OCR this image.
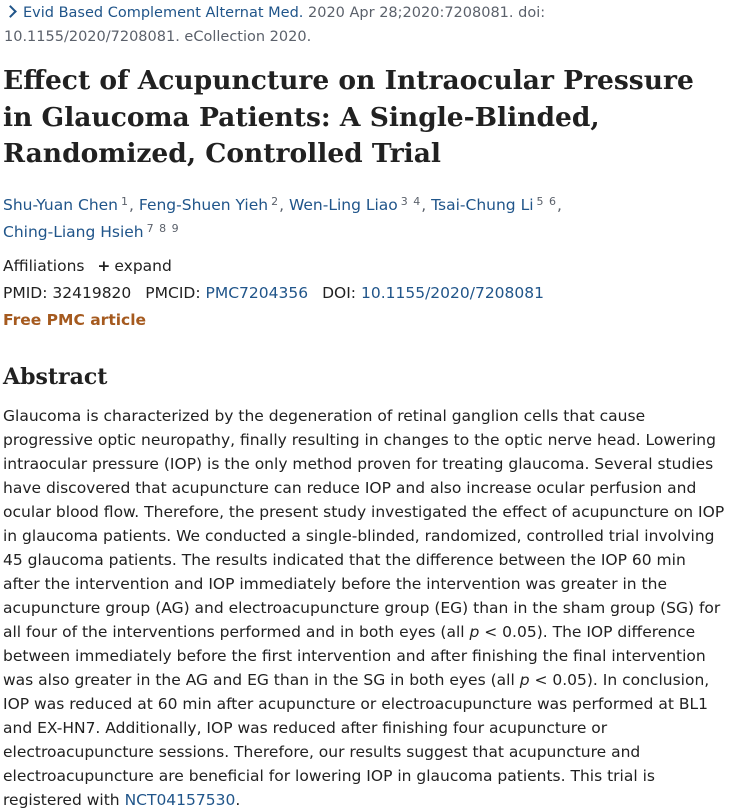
Evid Based Complement Alternat Med. 2020 Apr 28;2020:7208081. doi: 10.1155/2020/7208081. eCollection 2020.
Effect of Acupuncture on Intraocular Pressure in Glaucoma Patients: A Single-Blinded, Randomized, Controlled Trial
Shu-Yuan Chen $^1$, Feng-Shuen Yieh $^2$, Wen-Ling Liao $^{3 4}$, Tsai-Chung Li $^{5 6}$,
Ching-Liang Hsieh $^{7 8 9}$
Affiliations + expand
PMID: 32419820 PMCID: PMC7204356 DOI: 10.1155/2020/7208081
Free PMC article
Abstract

Glaucoma is characterized by the degeneration of retinal ganglion cells that cause progressive optic neuropathy, finally resulting in changes to the optic nerve head. Lowering intraocular pressure (IOP) is the only method proven for treating glaucoma. Several studies have discovered that acupuncture can reduce IOP and also increase ocular perfusion and ocular blood flow. Therefore, the present study investigated the effect of acupuncture on IOP in glaucoma patients. We conducted a single-blinded, randomized, controlled trial involving 45 glaucoma patients. The results indicated that the difference between the IOP 60 min after the intervention and IOP immediately before the intervention was greater in the acupuncture group (AG) and electroacupuncture group (EG) than in the sham group (SG) for all four of the interventions performed and in both eyes (all p < 0.05). The IOP difference between immediately before the first intervention and after finishing the final intervention was also greater in the AG and EG than in the SG in both eyes (all p < 0.05). In conclusion, IOP was reduced at 60 min after acupuncture or electroacupuncture was performed at BL1 and EX-HN7. Additionally, IOP was reduced after finishing four acupuncture or electroacupuncture sessions. Therefore, our results suggest that acupuncture and electroacupuncture are beneficial for lowering IOP in glaucoma patients. This trial is registered with NCT04157530.
